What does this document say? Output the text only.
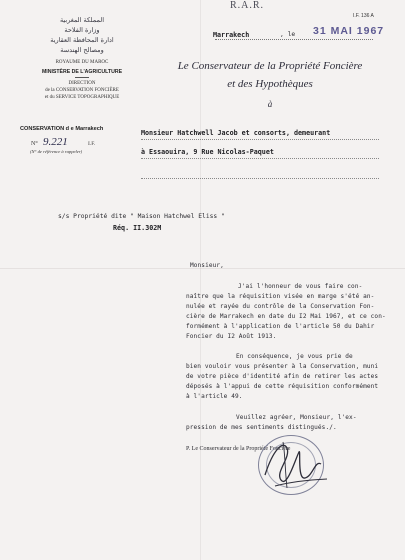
المملكة المغربية
وزارة الفلاحة
ادارة المحافظة العقارية
ومصالح الهندسة
ROYAUME DU MAROC
MINISTÈRE DE L'AGRICULTURE
DIRECTION
de la CONSERVATION FONCIÈRE
et du SERVICE TOPOGRAPHIQUE
CONSERVATION d e Marrakech
N° 9.221	I.F.
(N° de référence à rappeler)
R.A.R.
I.F. 136 A
Marrakech	, le 31 MAI 1967
Le Conservateur de la Propriété Foncière
et des Hypothèques
à
Monsieur Hatchwell Jacob et consorts, demeurant
à Essaouira, 9 Rue Nicolas-Paquet
s/s Propriété dite " Maison Hatchwel Eliss "
Réq. II.302M
Monsieur,
J'ai l'honneur de vous faire con-
naître que la réquisition visée en marge s'été an-
nulée et rayée du contrôle de la Conservation Fon-
cière de Marrakech en date du I2 Mai 1967, et ce con-
formément à l'application de l'article 50 du Dahir
Foncier du I2 Août 1913.
En conséquence, je vous prie de
bien vouloir vous présenter à la Conservation, muni
de votre pièce d'identité afin de retirer les actes
déposés à l'appui de cette réquisition conformément
à l'article 49.
Veuillez agréer, Monsieur, l'ex-
pression de mes sentiments distingués./.
P. Le Conservateur de la Propriété Foncière
